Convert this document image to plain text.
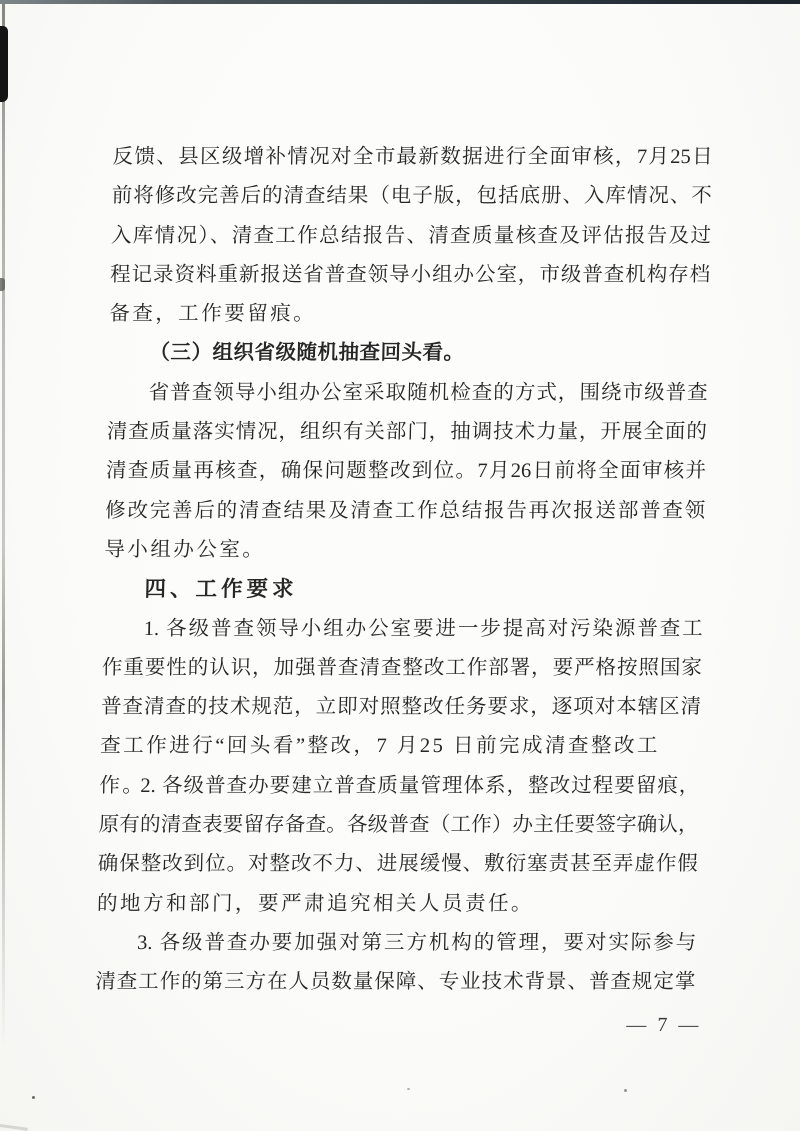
反馈、县区级增补情况对全市最新数据进行全面审核，7月25日
前将修改完善后的清查结果（电子版，包括底册、入库情况、不
入库情况）、清查工作总结报告、清查质量核查及评估报告及过
程记录资料重新报送省普查领导小组办公室，市级普查机构存档
备查，工作要留痕。
（三）组织省级随机抽查回头看。
省普查领导小组办公室采取随机检查的方式，围绕市级普查
清查质量落实情况，组织有关部门，抽调技术力量，开展全面的
清查质量再核查，确保问题整改到位。7月26日前将全面审核并
修改完善后的清查结果及清查工作总结报告再次报送部普查领
导小组办公室。
四、工作要求
1. 各级普查领导小组办公室要进一步提高对污染源普查工
作重要性的认识，加强普查清查整改工作部署，要严格按照国家
普查清查的技术规范，立即对照整改任务要求，逐项对本辖区清
查工作进行“回头看”整改，7 月25 日前完成清查整改工作。
2. 各级普查办要建立普查质量管理体系，整改过程要留痕，
原有的清查表要留存备查。各级普查（工作）办主任要签字确认，
确保整改到位。对整改不力、进展缓慢、敷衍塞责甚至弄虚作假
的地方和部门，要严肃追究相关人员责任。
3. 各级普查办要加强对第三方机构的管理，要对实际参与
清查工作的第三方在人员数量保障、专业技术背景、普查规定掌
— 7 —
